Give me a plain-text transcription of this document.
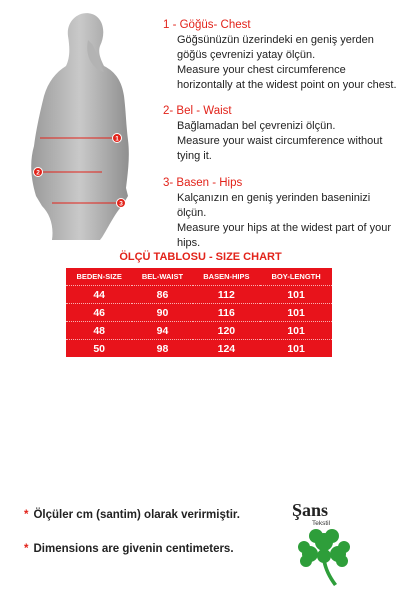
1
2
3

1 - Göğüs- Chest

Göğsünüzün üzerindeki en geniş yerden göğüs çevrenizi yatay ölçün.

Measure your chest circumference horizontally at the widest point on your chest.

2- Bel - Waist

Bağlamadan bel çevrenizi ölçün.

Measure your waist circumference without tying it.

3- Basen - Hips

Kalçanızın en geniş yerinden baseninizi ölçün.

Measure your hips at the widest part of your hips.

ÖLÇÜ TABLOSU - SIZE CHART
BEDEN-SIZE	BEL-WAIST	BASEN-HIPS	BOY-LENGTH
44	86	112	101
46	90	116	101
48	94	120	101
50	98	124	101
* Ölçüler cm (santim) olarak verirmiştir.
* Dimensions are givenin centimeters.
Şans
Tekstil
